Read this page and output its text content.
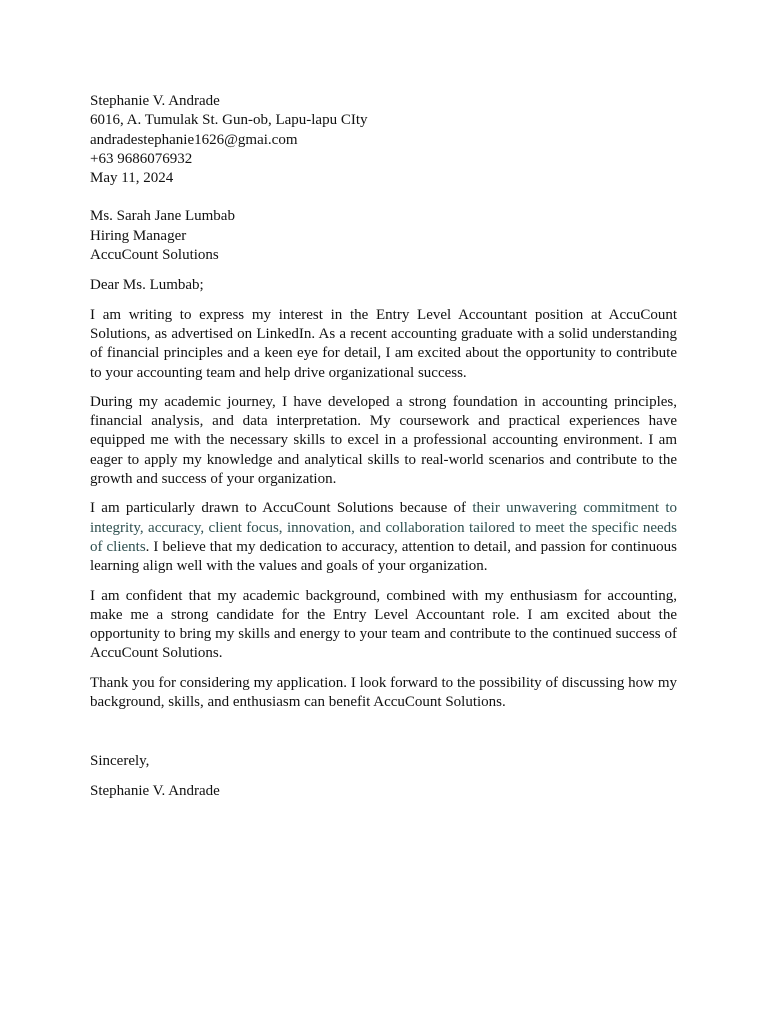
Stephanie V. Andrade
6016, A. Tumulak St. Gun-ob, Lapu-lapu CIty
andradestephanie1626@gmai.com
+63 9686076932
May 11, 2024
Ms. Sarah Jane Lumbab
Hiring Manager
AccuCount Solutions
Dear Ms. Lumbab;

I am writing to express my interest in the Entry Level Accountant position at AccuCount Solutions, as advertised on LinkedIn. As a recent accounting graduate with a solid understanding of financial principles and a keen eye for detail, I am excited about the opportunity to contribute to your accounting team and help drive organizational success.

During my academic journey, I have developed a strong foundation in accounting principles, financial analysis, and data interpretation. My coursework and practical experiences have equipped me with the necessary skills to excel in a professional accounting environment. I am eager to apply my knowledge and analytical skills to real-world scenarios and contribute to the growth and success of your organization.

I am particularly drawn to AccuCount Solutions because of their unwavering commitment to integrity, accuracy, client focus, innovation, and collaboration tailored to meet the specific needs of clients. I believe that my dedication to accuracy, attention to detail, and passion for continuous learning align well with the values and goals of your organization.

I am confident that my academic background, combined with my enthusiasm for accounting, make me a strong candidate for the Entry Level Accountant role. I am excited about the opportunity to bring my skills and energy to your team and contribute to the continued success of AccuCount Solutions.

Thank you for considering my application. I look forward to the possibility of discussing how my background, skills, and enthusiasm can benefit AccuCount Solutions.

Sincerely,
Stephanie V. Andrade
